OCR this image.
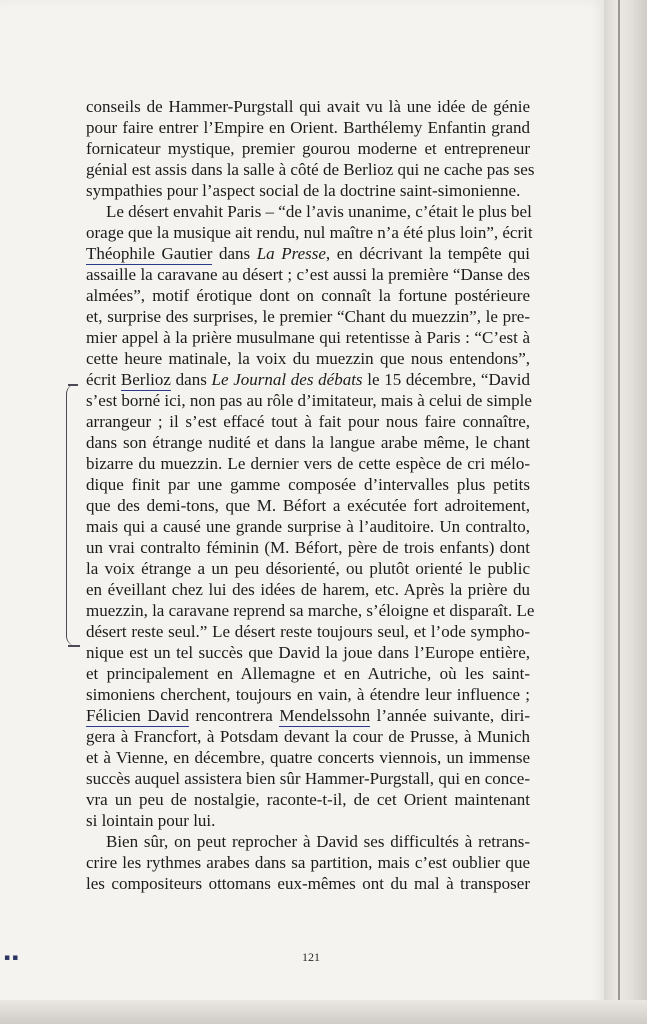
▪▪
conseils de Hammer-Purgstall qui avait vu là une idée de génie
pour faire entrer l’Empire en Orient. Barthélemy Enfantin grand
fornicateur mystique, premier gourou moderne et entrepreneur
génial est assis dans la salle à côté de Berlioz qui ne cache pas ses
sympathies pour l’aspect social de la doctrine saint-simonienne.
Le désert envahit Paris – “de l’avis unanime, c’était le plus bel
orage que la musique ait rendu, nul maître n’a été plus loin”, écrit
Théophile Gautier dans La Presse, en décrivant la tempête qui
assaille la caravane au désert ; c’est aussi la première “Danse des
almées”, motif érotique dont on connaît la fortune postérieure
et, surprise des surprises, le premier “Chant du muezzin”, le pre-
mier appel à la prière musulmane qui retentisse à Paris : “C’est à
cette heure matinale, la voix du muezzin que nous entendons”,
écrit Berlioz dans Le Journal des débats le 15 décembre, “David
s’est borné ici, non pas au rôle d’imitateur, mais à celui de simple
arrangeur ; il s’est effacé tout à fait pour nous faire connaître,
dans son étrange nudité et dans la langue arabe même, le chant
bizarre du muezzin. Le dernier vers de cette espèce de cri mélo-
dique finit par une gamme composée d’intervalles plus petits
que des demi-tons, que M. Béfort a exécutée fort adroitement,
mais qui a causé une grande surprise à l’auditoire. Un contralto,
un vrai contralto féminin (M. Béfort, père de trois enfants) dont
la voix étrange a un peu désorienté, ou plutôt orienté le public
en éveillant chez lui des idées de harem, etc. Après la prière du
muezzin, la caravane reprend sa marche, s’éloigne et disparaît. Le
désert reste seul.” Le désert reste toujours seul, et l’ode sympho-
nique est un tel succès que David la joue dans l’Europe entière,
et principalement en Allemagne et en Autriche, où les saint-
simoniens cherchent, toujours en vain, à étendre leur influence ;
Félicien David rencontrera Mendelssohn l’année suivante, diri-
gera à Francfort, à Potsdam devant la cour de Prusse, à Munich
et à Vienne, en décembre, quatre concerts viennois, un immense
succès auquel assistera bien sûr Hammer-Purgstall, qui en conce-
vra un peu de nostalgie, raconte-t-il, de cet Orient maintenant
si lointain pour lui.
Bien sûr, on peut reprocher à David ses difficultés à retrans-
crire les rythmes arabes dans sa partition, mais c’est oublier que
les compositeurs ottomans eux-mêmes ont du mal à transposer
121
